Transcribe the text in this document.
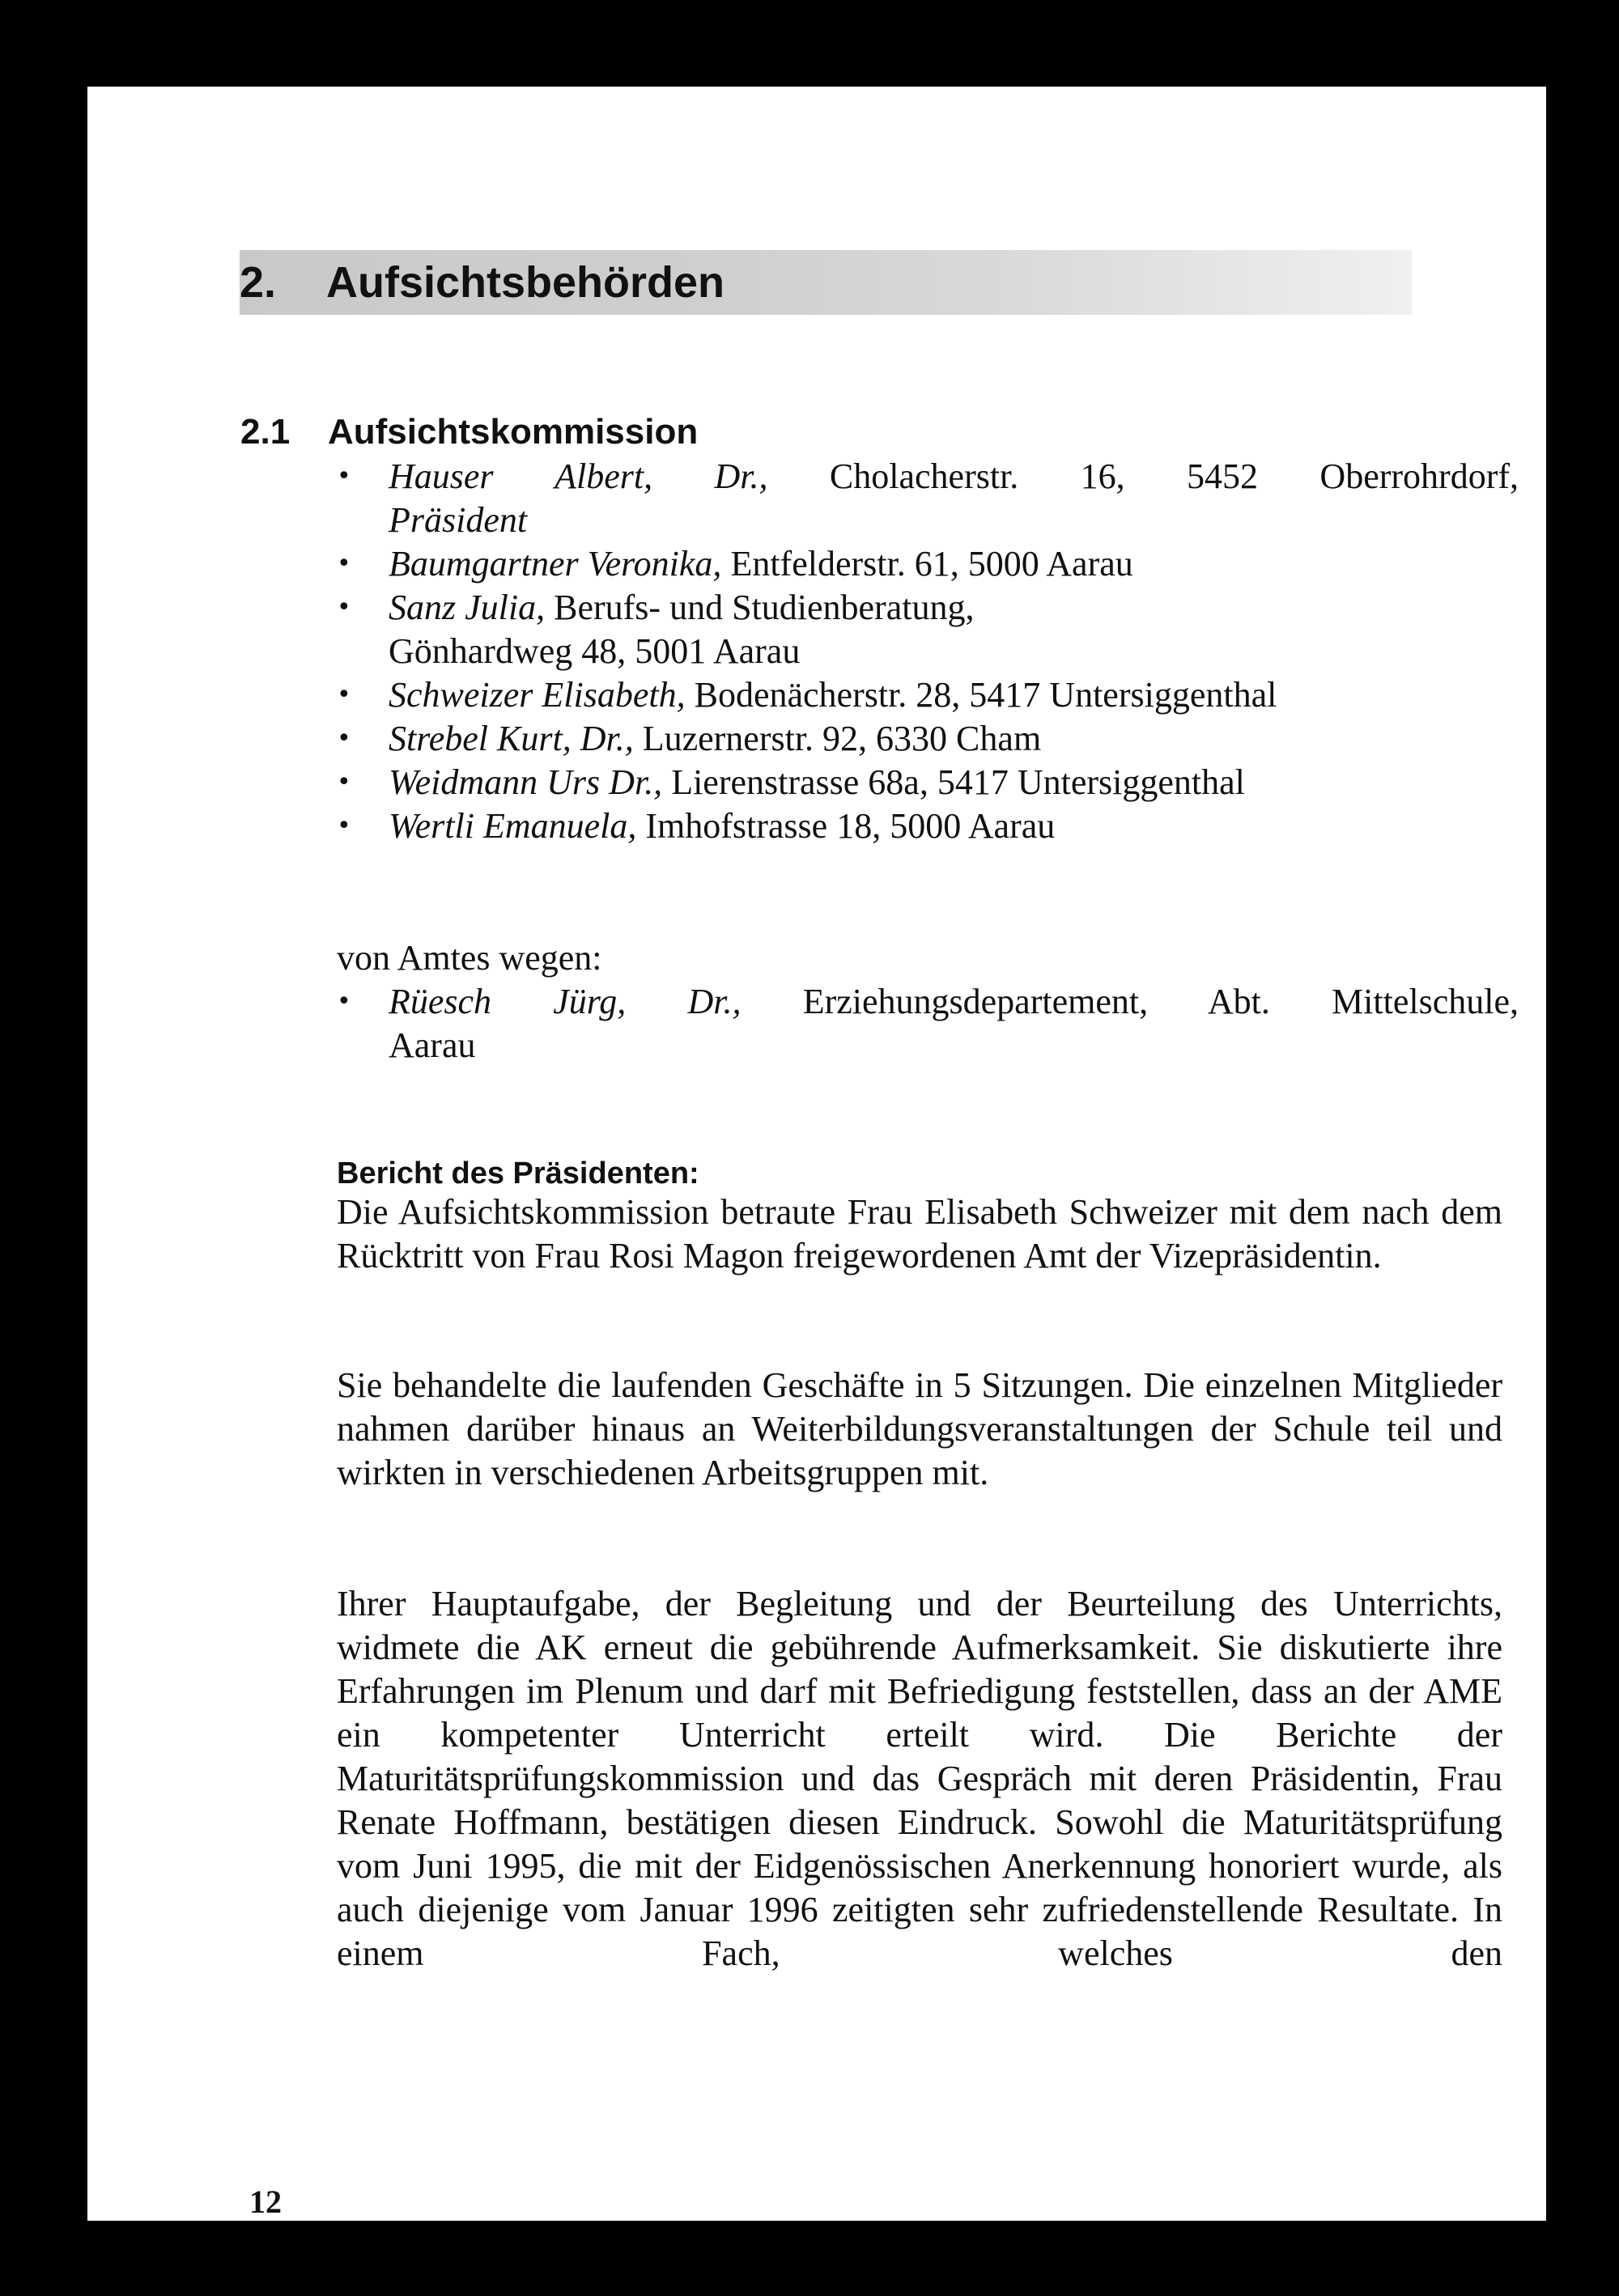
2. Aufsichtsbehörden
2.1 Aufsichtskommission
•	Hauser Albert, Dr., Cholacherstr. 16, 5452 Oberrohrdorf,
Präsident
•	Baumgartner Veronika, Entfelderstr. 61, 5000 Aarau
•	Sanz Julia, Berufs- und Studienberatung,
Gönhardweg 48, 5001 Aarau
•	Schweizer Elisabeth, Bodenächerstr. 28, 5417 Untersiggenthal
•	Strebel Kurt, Dr., Luzernerstr. 92, 6330 Cham
•	Weidmann Urs Dr., Lierenstrasse 68a, 5417 Untersiggenthal
•	Wertli Emanuela, Imhofstrasse 18, 5000 Aarau
von Amtes wegen:
•	Rüesch Jürg, Dr., Erziehungsdepartement, Abt. Mittelschule,
Aarau
Bericht des Präsidenten:

Die Aufsichtskommission betraute Frau Elisabeth Schweizer mit dem nach dem Rücktritt von Frau Rosi Magon freigewordenen Amt der Vizepräsidentin.

Sie behandelte die laufenden Geschäfte in 5 Sitzungen. Die einzelnen Mitglieder nahmen darüber hinaus an Weiterbildungsveranstaltungen der Schule teil und wirkten in verschiedenen Arbeitsgruppen mit.

Ihrer Hauptaufgabe, der Begleitung und der Beurteilung des Unterrichts, widmete die AK erneut die gebührende Aufmerksamkeit. Sie diskutierte ihre Erfahrungen im Plenum und darf mit Befriedigung feststellen, dass an der AME ein kompetenter Unterricht erteilt wird. Die Berichte der Maturitätsprüfungskommission und das Gespräch mit deren Präsidentin, Frau Renate Hoffmann, bestätigen diesen Eindruck. Sowohl die Maturitätsprüfung vom Juni 1995, die mit der Eidgenössischen Anerkennung honoriert wurde, als auch diejenige vom Januar 1996 zeitigten sehr zufriedenstellende Resultate. In einem Fach, welches den

12
